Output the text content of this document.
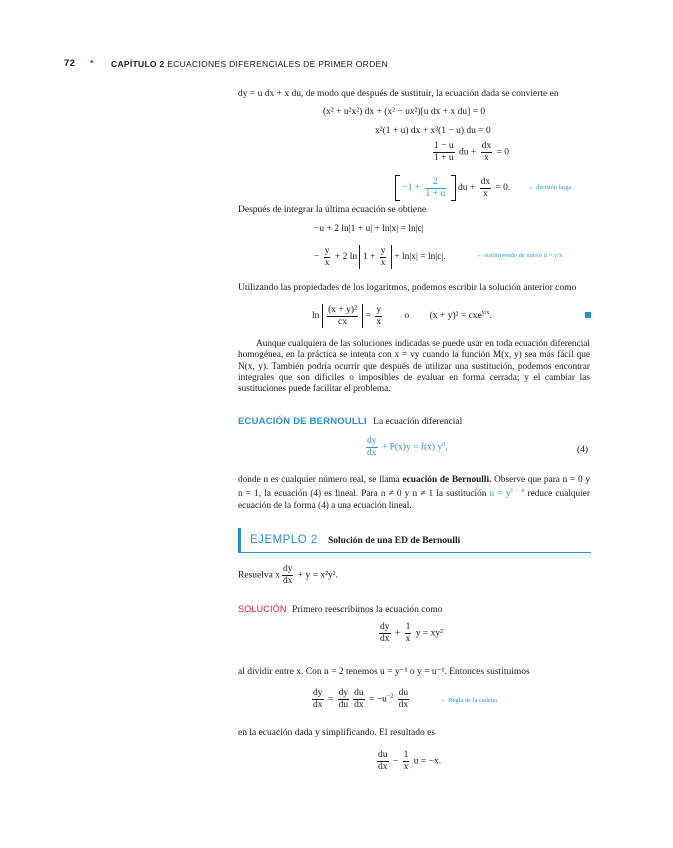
72 • CAPÍTULO 2 ECUACIONES DIFERENCIALES DE PRIMER ORDEN
dy = u dx + x du, de modo que después de sustituir, la ecuación dada se convierte en
(x² + u²x²) dx + (x² − ux²)[u dx + x du] = 0
x²(1 + u) dx + x³(1 − u) du = 0
$\frac{1 - u}{1 + u}$ du + $\frac{dx}{x} = 0$
$-1 + \frac{2}{1 + u}$ du + $\frac{dx}{x} = 0$.	← división larga
Después de integrar la última ecuación se obtiene
−u + 2 ln|1 + u| + ln|x| = ln|c|
− $\frac{y}{x} + 2$ $\ln 1 + \frac{y}{x} + \ln|x| = \ln|c|$.	← sustituyendo de nuevo u = y/x
Utilizando las propiedades de los logaritmos, podemos escribir la solución anterior como
$\ln \frac{\text{(x + y)²}}{cx} = \frac{y}{x}$ o (x + y)² = cxe$^{y/x}$.
Aunque cualquiera de las soluciones indicadas se puede usar en toda ecuación diferencial homogénea, en la práctica se intenta con x = vy cuando la función M(x, y) sea más fácil que N(x, y). También podría ocurrir que después de utilizar una sustitución, podemos encontrar integrales que son difíciles o imposibles de evaluar en forma cerrada; y el cambiar las sustituciones puede facilitar el problema.
ECUACIÓN DE BERNOULLI La ecuación diferencial
$\frac{dy}{dx} + P(x)y = f(x)$ $y^n$,	(4)
donde n es cualquier número real, se llama ecuación de Bernoulli. Observe que para n = 0 y n = 1, la ecuación (4) es lineal. Para n ≠ 0 y n ≠ 1 la sustitución $u = y^{1 - n}$ reduce cualquier ecuación de la forma (4) a una ecuación lineal.
EJEMPLO 2 Solución de una ED de Bernoulli
Resuelva x $\frac{dy}{dx} + y = x^2y^2$.
SOLUCIÓN Primero reescribimos la ecuación como
$\frac{dy}{dx} + \frac{1}{x}$ y = xy²
al dividir entre x. Con n = 2 tenemos u = y⁻¹ o y = u⁻¹. Entonces sustituimos
$\frac{dy}{dx} = \frac{dy}{du} \frac{du}{dx} = -u^{-2} \frac{du}{dx}$	← Regla de la cadena
en la ecuación dada y simplificando. El resultado es
$\frac{du}{dx} - \frac{1}{x}$ u = −x.
